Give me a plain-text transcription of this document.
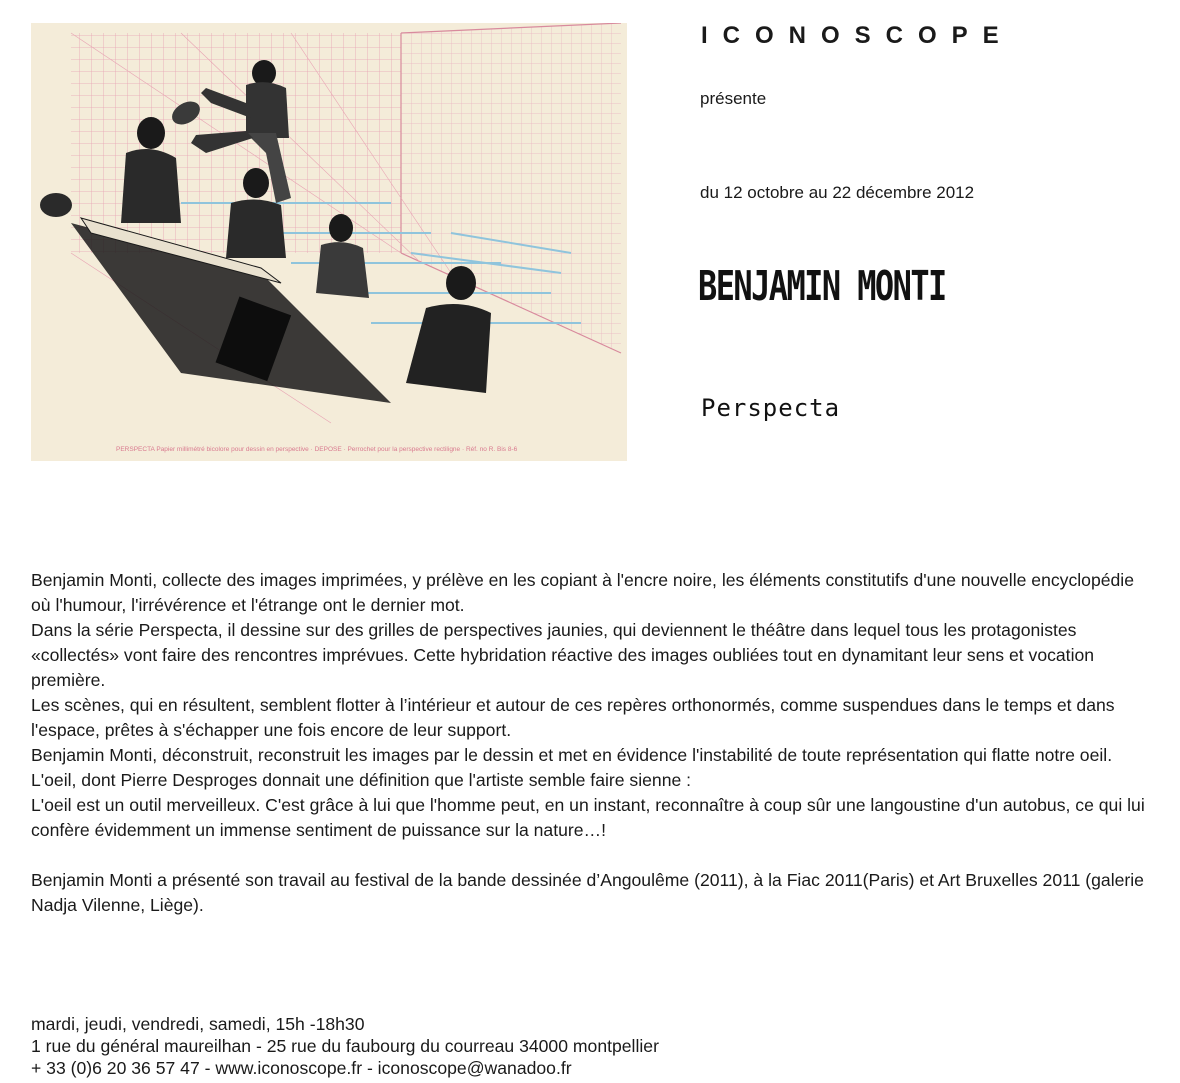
PERSPECTA Papier millimétré bicolore pour dessin en perspective · DEPOSE · Perrochet pour la perspective rectiligne · Réf. no R. Bis 8-6
ICONOSCOPE
présente
du 12 octobre au 22 décembre 2012
BENJAMIN MONTI
Perspecta

Benjamin Monti, collecte des images imprimées, y prélève en les copiant à l'encre noire, les éléments constitutifs d'une nouvelle encyclopédie où l'humour, l'irrévérence et l'étrange ont le dernier mot.

Dans la série Perspecta, il dessine sur des grilles de perspectives jaunies, qui deviennent le théâtre dans lequel tous les protagonistes «collectés» vont faire des rencontres imprévues. Cette hybridation réactive des images oubliées tout en dynamitant leur sens et vocation première.

Les scènes, qui en résultent, semblent flotter à l’intérieur et autour de ces repères orthonormés, comme suspendues dans le temps et dans l'espace, prêtes à s'échapper une fois encore de leur support.

Benjamin Monti, déconstruit, reconstruit les images par le dessin et met en évidence l'instabilité de toute représentation qui flatte notre oeil. L'oeil, dont Pierre Desproges donnait une définition que l'artiste semble faire sienne :

L'oeil est un outil merveilleux. C'est grâce à lui que l'homme peut, en un instant, reconnaître à coup sûr une langoustine d'un autobus, ce qui lui confère évidemment un immense sentiment de puissance sur la nature…!

Benjamin Monti a présenté son travail au festival de la bande dessinée d’Angoulême (2011), à la Fiac 2011(Paris) et Art Bruxelles 2011 (galerie Nadja Vilenne, Liège).

mardi, jeudi, vendredi, samedi, 15h -18h30
1 rue du général maureilhan - 25 rue du faubourg du courreau 34000 montpellier
+ 33 (0)6 20 36 57 47 - www.iconoscope.fr - iconoscope@wanadoo.fr
